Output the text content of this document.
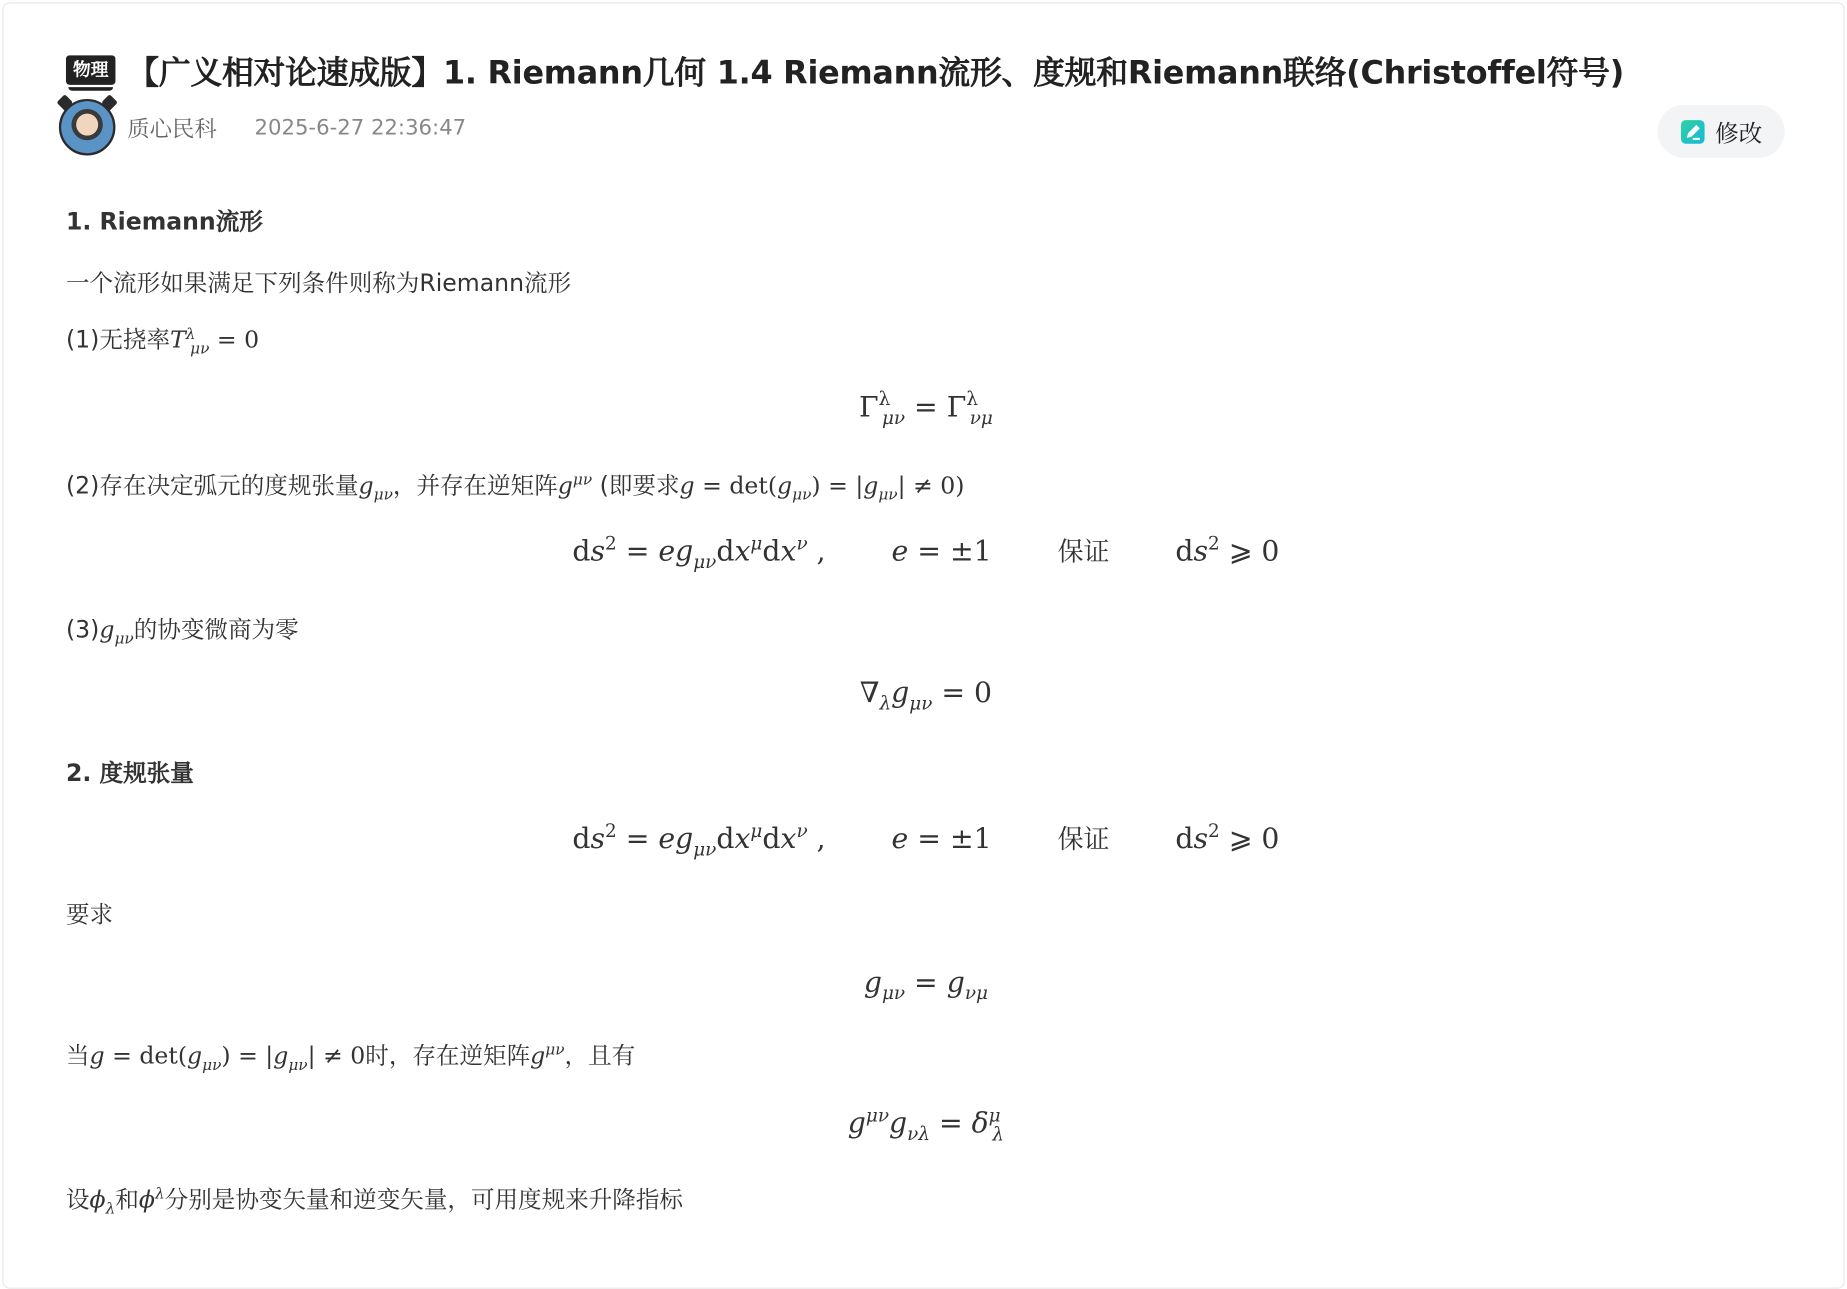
物理 【广义相对论速成版】1. Riemann几何 1.4 Riemann流形、度规和Riemann联络(Christoffel符号)
质心民科 2025-6-27 22:36:47	修改
1. Riemann流形
一个流形如果满足下列条件则称为Riemann流形
(1)无挠率$T^\lambda_{\mu\nu} = 0$
$\Gamma^\lambda_{\mu\nu} = \Gamma^\lambda_{\nu\mu}$
(2)存在决定弧元的度规张量$g_{\mu\nu}$，并存在逆矩阵$g^{\mu\nu}$ (即要求$g = \det(g_{\mu\nu}) = |g_{\mu\nu}| \ne 0$)
$ds^2 = eg_{\mu\nu}dx^\mu dx^\nu$ ,	e = ±1	保证	$ds^2$ ⩾ 0
$(3)g_{\mu\nu}$的协变微商为零
$\nabla_\lambda g_{\mu\nu} = 0$
2. 度规张量
$ds^2 = eg_{\mu\nu}dx^\mu dx^\nu$ ,	e = ±1	保证	$ds^2$ ⩾ 0
要求
$g_{\mu\nu} = g_{\nu\mu}$
当$g = \det(g_{\mu\nu}) = |g_{\mu\nu}| \ne 0$时，存在逆矩阵$g^{\mu\nu}$，且有
$g^{\mu\nu}g_{\nu\lambda} = \delta^\mu_\lambda$
设$\phi_\lambda$和$\phi^\lambda$分别是协变矢量和逆变矢量，可用度规来升降指标
